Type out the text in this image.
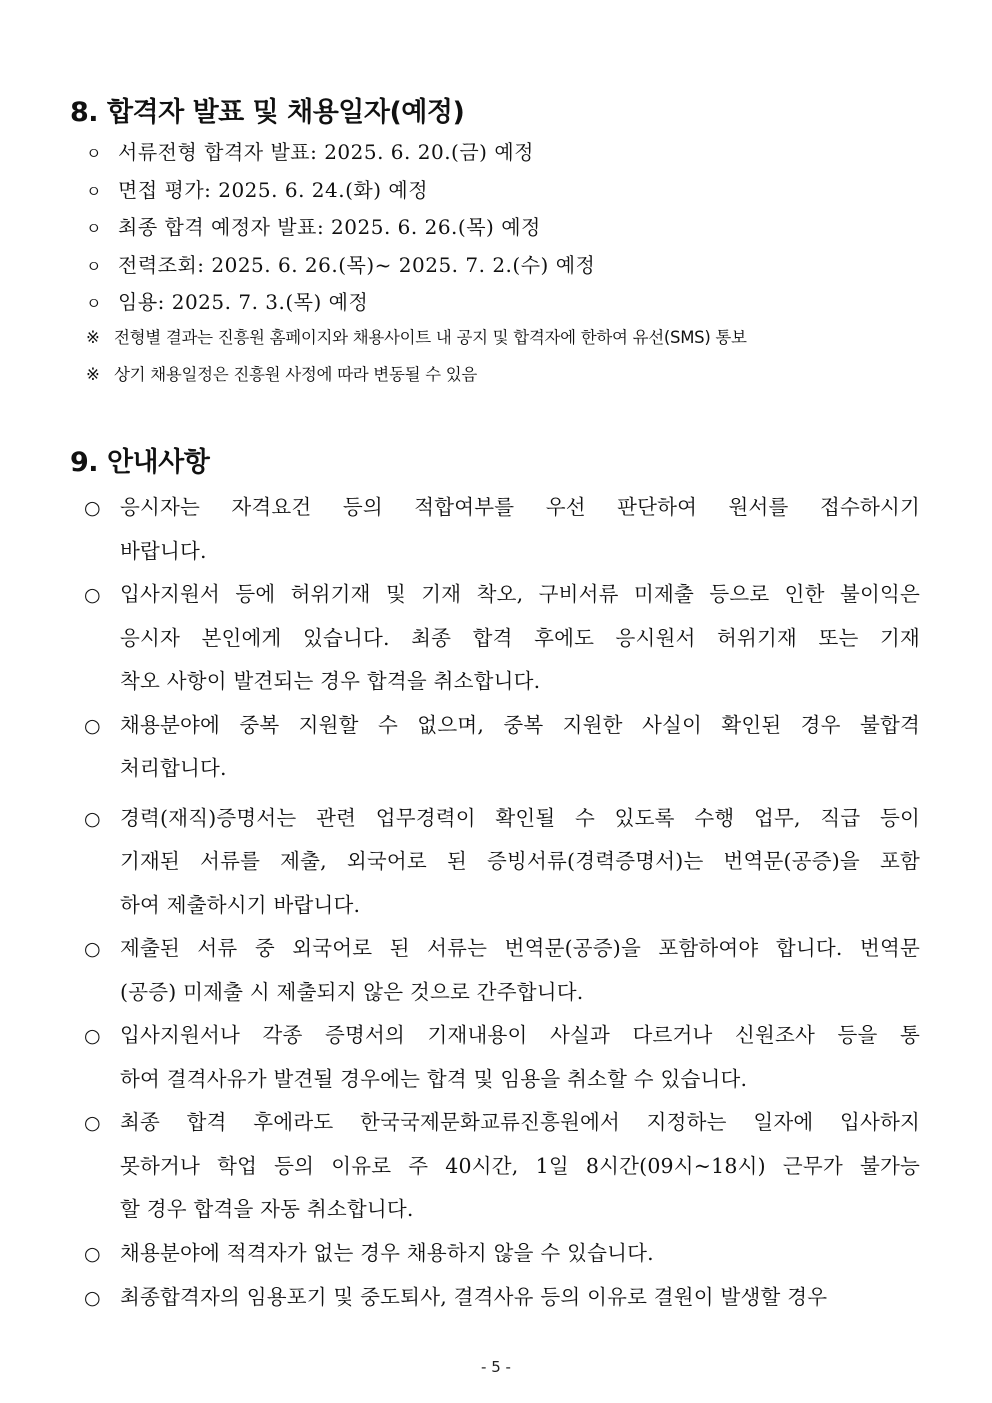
8. 합격자 발표 및 채용일자(예정)
ㅇ 서류전형 합격자 발표: 2025. 6. 20.(금) 예정
ㅇ 면접 평가: 2025. 6. 24.(화) 예정
ㅇ 최종 합격 예정자 발표: 2025. 6. 26.(목) 예정
ㅇ 전력조회: 2025. 6. 26.(목)~ 2025. 7. 2.(수) 예정
ㅇ 임용: 2025. 7. 3.(목) 예정
※ 전형별 결과는 진흥원 홈페이지와 채용사이트 내 공지 및 합격자에 한하여 유선(SMS) 통보
※ 상기 채용일정은 진흥원 사정에 따라 변동될 수 있음
9. 안내사항
○ 응시자는 자격요건 등의 적합여부를 우선 판단하여 원서를 접수하시기
바랍니다.
○ 입사지원서 등에 허위기재 및 기재 착오, 구비서류 미제출 등으로 인한 불이익은
응시자 본인에게 있습니다. 최종 합격 후에도 응시원서 허위기재 또는 기재
착오 사항이 발견되는 경우 합격을 취소합니다.
○ 채용분야에 중복 지원할 수 없으며, 중복 지원한 사실이 확인된 경우 불합격
처리합니다.
○ 경력(재직)증명서는 관련 업무경력이 확인될 수 있도록 수행 업무, 직급 등이
기재된 서류를 제출, 외국어로 된 증빙서류(경력증명서)는 번역문(공증)을 포함
하여 제출하시기 바랍니다.
○ 제출된 서류 중 외국어로 된 서류는 번역문(공증)을 포함하여야 합니다. 번역문
(공증) 미제출 시 제출되지 않은 것으로 간주합니다.
○ 입사지원서나 각종 증명서의 기재내용이 사실과 다르거나 신원조사 등을 통
하여 결격사유가 발견될 경우에는 합격 및 임용을 취소할 수 있습니다.
○ 최종 합격 후에라도 한국국제문화교류진흥원에서 지정하는 일자에 입사하지
못하거나 학업 등의 이유로 주 40시간, 1일 8시간(09시~18시) 근무가 불가능
할 경우 합격을 자동 취소합니다.
○ 채용분야에 적격자가 없는 경우 채용하지 않을 수 있습니다.
○ 최종합격자의 임용포기 및 중도퇴사, 결격사유 등의 이유로 결원이 발생할 경우
- 5 -
